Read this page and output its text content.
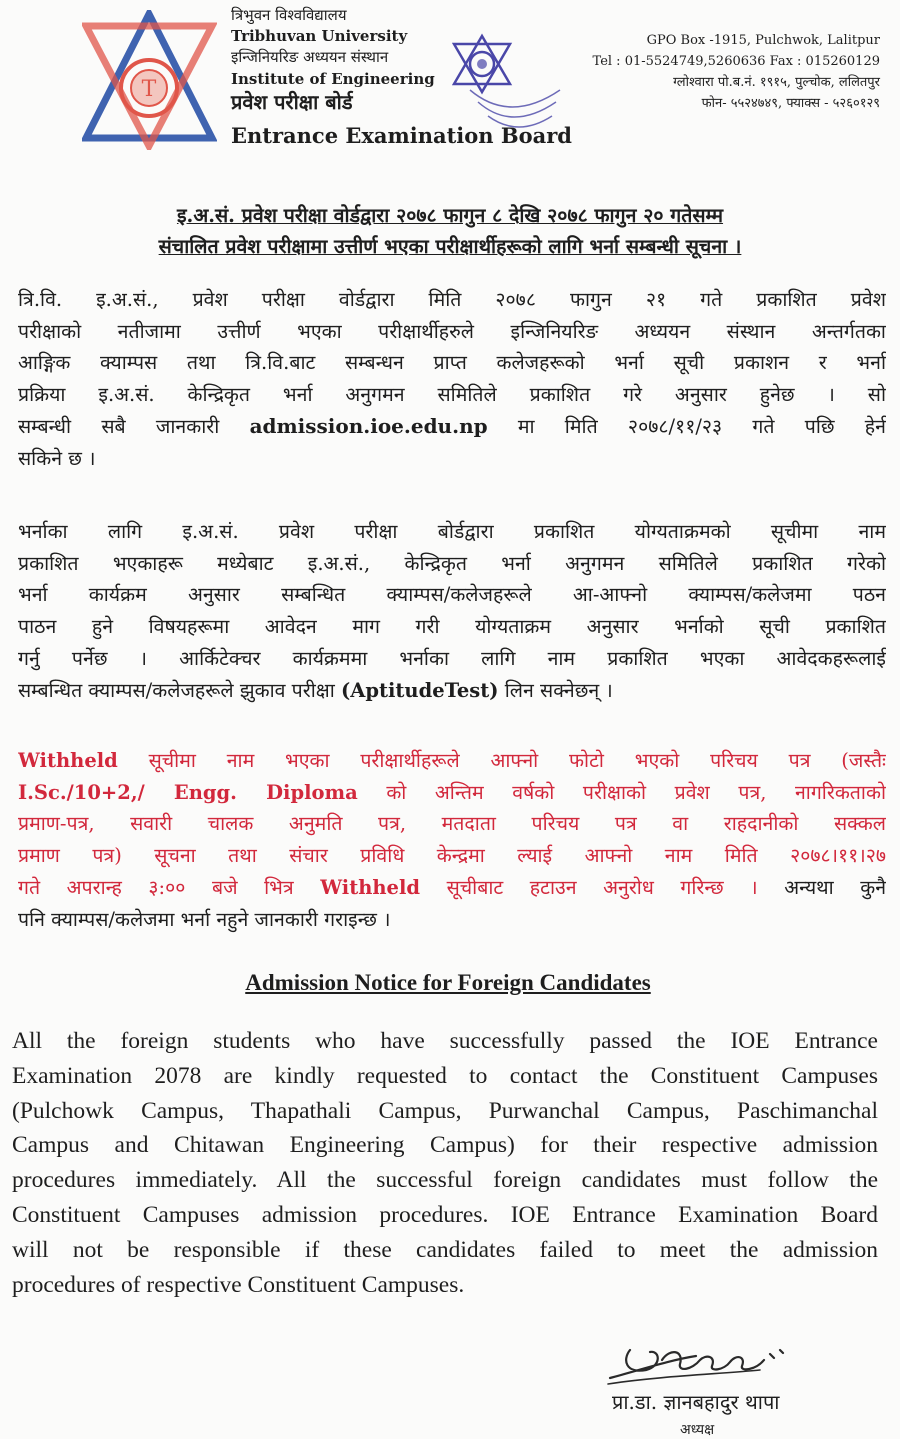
T
त्रिभुवन विश्वविद्यालय
Tribhuvan University
इन्जिनियरिङ अध्ययन संस्थान
Institute of Engineering
प्रवेश परीक्षा बोर्ड
Entrance Examination Board
GPO Box -1915, Pulchwok, Lalitpur
Tel : 01-5524749,5260636 Fax : 015260129
ग्लोश्वारा पो.ब.नं. १९१५, पुल्चोक, ललितपुर
फोन- ५५२४७४९, फ्याक्स - ५२६०१२९
इ.अ.सं. प्रवेश परीक्षा वोर्डद्वारा २०७८ फागुन ८ देखि २०७८ फागुन २० गतेसम्म
संचालित प्रवेश परीक्षामा उत्तीर्ण भएका परीक्षार्थीहरूको लागि भर्ना सम्बन्धी सूचना ।
त्रि.वि. इ.अ.सं., प्रवेश परीक्षा वोर्डद्वारा मिति २०७८ फागुन २१ गते प्रकाशित प्रवेश
परीक्षाको नतीजामा उत्तीर्ण भएका परीक्षार्थीहरुले इन्जिनियरिङ अध्ययन संस्थान अन्तर्गतका
आङ्गिक क्याम्पस तथा त्रि.वि.बाट सम्बन्धन प्राप्त कलेजहरूको भर्ना सूची प्रकाशन र भर्ना
प्रक्रिया इ.अ.सं. केन्द्रिकृत भर्ना अनुगमन समितिले प्रकाशित गरे अनुसार हुनेछ । सो
सम्बन्धी सबै जानकारी admission.ioe.edu.np मा मिति २०७८/११/२३ गते पछि हेर्न
सकिने छ ।
भर्नाका लागि इ.अ.सं. प्रवेश परीक्षा बोर्डद्वारा प्रकाशित योग्यताक्रमको सूचीमा नाम
प्रकाशित भएकाहरू मध्येबाट इ.अ.सं., केन्द्रिकृत भर्ना अनुगमन समितिले प्रकाशित गरेको
भर्ना कार्यक्रम अनुसार सम्बन्धित क्याम्पस/कलेजहरूले आ-आफ्नो क्याम्पस/कलेजमा पठन
पाठन हुने विषयहरूमा आवेदन माग गरी योग्यताक्रम अनुसार भर्नाको सूची प्रकाशित
गर्नु पर्नेछ । आर्किटेक्चर कार्यक्रममा भर्नाका लागि नाम प्रकाशित भएका आवेदकहरूलाई
सम्बन्धित क्याम्पस/कलेजहरूले झुकाव परीक्षा (AptitudeTest) लिन सक्नेछन् ।
Withheld सूचीमा नाम भएका परीक्षार्थीहरूले आफ्नो फोटो भएको परिचय पत्र (जस्तैः
I.Sc./10+2,/ Engg. Diploma को अन्तिम वर्षको परीक्षाको प्रवेश पत्र, नागरिकताको
प्रमाण-पत्र, सवारी चालक अनुमति पत्र, मतदाता परिचय पत्र वा राहदानीको सक्कल
प्रमाण पत्र) सूचना तथा संचार प्रविधि केन्द्रमा ल्याई आफ्नो नाम मिति २०७८।११।२७
गते अपरान्ह ३:०० बजे भित्र Withheld सूचीबाट हटाउन अनुरोध गरिन्छ । अन्यथा कुनै
पनि क्याम्पस/कलेजमा भर्ना नहुने जानकारी गराइन्छ ।
Admission Notice for Foreign Candidates
All the foreign students who have successfully passed the IOE Entrance
Examination 2078 are kindly requested to contact the Constituent Campuses
(Pulchowk Campus, Thapathali Campus, Purwanchal Campus, Paschimanchal
Campus and Chitawan Engineering Campus) for their respective admission
procedures immediately. All the successful foreign candidates must follow the
Constituent Campuses admission procedures. IOE Entrance Examination Board
will not be responsible if these candidates failed to meet the admission
procedures of respective Constituent Campuses.
प्रा.डा. ज्ञानबहादुर थापा
अध्यक्ष
